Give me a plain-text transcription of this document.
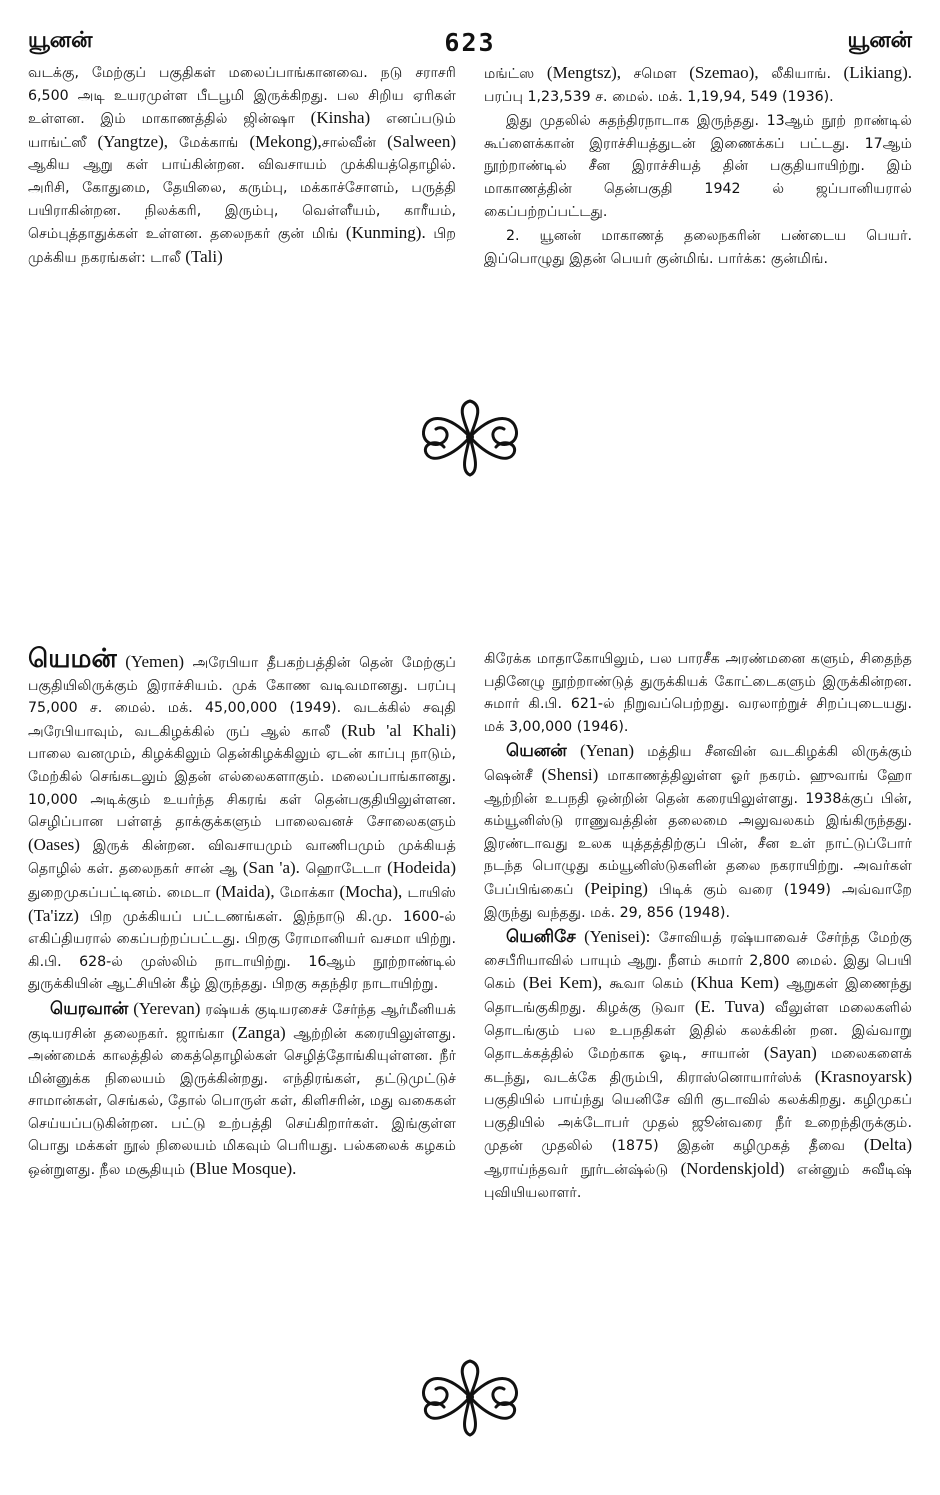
யூனன்	623	யூனன்

வடக்கு, மேற்குப் பகுதிகள் மலைப்பாங்கானவை. நடு சராசரி 6,500 அடி உயரமுள்ள பீடபூமி இருக்கிறது. பல சிறிய ஏரிகள் உள்ளன. இம் மாகாணத்தில் ஜின்ஷா (Kinsha) எனப்படும் யாங்ட்ஸீ (Yangtze), மேக்காங் (Mekong),சால்வீன் (Salween) ஆகிய ஆறு கள் பாய்கின்றன. விவசாயம் முக்கியத்தொழில். அரிசி, கோதுமை, தேயிலை, கரும்பு, மக்காச்சோளம், பருத்தி பயிராகின்றன. நிலக்கரி, இரும்பு, வெள்ளீயம், காரீயம், செம்புத்தாதுக்கள் உள்ளன. தலைநகர் குன் மிங் (Kunming). பிற முக்கிய நகரங்கள்: டாலீ (Tali)

மங்ட்ஸ (Mengtsz), சமௌ (Szemao), லீகியாங். (Likiang). பரப்பு 1,23,539 ச. மைல். மக். 1,19,94, 549 (1936).

இது முதலில் சுதந்திரநாடாக இருந்தது. 13ஆம் நூற் றாண்டில் கூப்ளைக்கான் இராச்சியத்துடன் இணைக்கப் பட்டது. 17ஆம் நூற்றாண்டில் சீன இராச்சியத் தின் பகுதியாயிற்று. இம் மாகாணத்தின் தென்பகுதி 1942 ல் ஜப்பானியரால் கைப்பற்றப்பட்டது.

2. யூனன் மாகாணத் தலைநகரின் பண்டைய பெயர். இப்பொழுது இதன் பெயர் குன்மிங். பார்க்க: குன்மிங்.

யெமன் (Yemen) அரேபியா தீபகற்பத்தின் தென் மேற்குப் பகுதியிலிருக்கும் இராச்சியம். முக் கோண வடிவமானது. பரப்பு 75,000 ச. மைல். மக். 45,00,000 (1949). வடக்கில் சவுதி அரேபியாவும், வடகிழக்கில் ருப் ஆல் காலீ (Rub 'al Khali) பாலை வனமும், கிழக்கிலும் தென்கிழக்கிலும் ஏடன் காப்பு நாடும், மேற்கில் செங்கடலும் இதன் எல்லைகளாகும். மலைப்பாங்கானது. 10,000 அடிக்கும் உயர்ந்த சிகரங் கள் தென்பகுதியிலுள்ளன. செழிப்பான பள்ளத் தாக்குக்களும் பாலைவனச் சோலைகளும் (Oases) இருக் கின்றன. விவசாயமும் வாணிபமும் முக்கியத் தொழில் கள். தலைநகர் சான் ஆ (San 'a). ஹொடேடா (Hodeida) துறைமுகப்பட்டினம். மைடா (Maida), மோக்கா (Mocha), டாயிஸ் (Ta'izz) பிற முக்கியப் பட்டணங்கள். இந்நாடு கி.மு. 1600-ல் எகிப்தியரால் கைப்பற்றப்பட்டது. பிறகு ரோமானியர் வசமா யிற்று. கி.பி. 628-ல் முஸ்லிம் நாடாயிற்று. 16ஆம் நூற்றாண்டில் துருக்கியின் ஆட்சியின் கீழ் இருந்தது. பிறகு சுதந்திர நாடாயிற்று.

யெரவான் (Yerevan) ரஷ்யக் குடியரசைச் சேர்ந்த ஆர்மீனியக் குடியரசின் தலைநகர். ஜாங்கா (Zanga) ஆற்றின் கரையிலுள்ளது. அண்மைக் காலத்தில் கைத்தொழில்கள் செழித்தோங்கியுள்ளன. நீர் மின்னுக்க நிலையம் இருக்கின்றது. எந்திரங்கள், தட்டுமுட்டுச் சாமான்கள், செங்கல், தோல் பொருள் கள், கிளிசரின், மது வகைகள் செய்யப்படுகின்றன. பட்டு உற்பத்தி செய்கிறார்கள். இங்குள்ள பொது மக்கள் நூல் நிலையம் மிகவும் பெரியது. பல்கலைக் கழகம் ஒன்றுளது. நீல மசூதியும் (Blue Mosque).

கிரேக்க மாதாகோயிலும், பல பாரசீக அரண்மனை களும், சிதைந்த பதினேழு நூற்றாண்டுத் துருக்கியக் கோட்டைகளும் இருக்கின்றன. சுமார் கி.பி. 621-ல் நிறுவப்பெற்றது. வரலாற்றுச் சிறப்புடையது. மக் 3,00,000 (1946).

யெனன் (Yenan) மத்திய சீனவின் வடகிழக்கி லிருக்கும் ஷென்சீ (Shensi) மாகாணத்திலுள்ள ஓர் நகரம். ஹுவாங் ஹோ ஆற்றின் உபநதி ஒன்றின் தென் கரையிலுள்ளது. 1938க்குப் பின், கம்யூனிஸ்டு ராணுவத்தின் தலைமை அலுவலகம் இங்கிருந்தது. இரண்டாவது உலக யுத்தத்திற்குப் பின், சீன உள் நாட்டுப்போர் நடந்த பொழுது கம்யூனிஸ்டுகளின் தலை நகராயிற்று. அவர்கள் பேப்பிங்கைப் (Peiping) பிடிக் கும் வரை (1949) அவ்வாறே இருந்து வந்தது. மக். 29, 856 (1948).

யெனிசே (Yenisei): சோவியத் ரஷ்யாவைச் சேர்ந்த மேற்கு சைபீரியாவில் பாயும் ஆறு. நீளம் சுமார் 2,800 மைல். இது பெயி கெம் (Bei Kem), கூவா கெம் (Khua Kem) ஆறுகள் இணைந்து தொடங்குகிறது. கிழக்கு டுவா (E. Tuva) வீலுள்ள மலைகளில் தொடங்கும் பல உபநதிகள் இதில் கலக்கின் றன. இவ்வாறு தொடக்கத்தில் மேற்காக ஓடி, சாயான் (Sayan) மலைகளைக் கடந்து, வடக்கே திரும்பி, கிராஸ்னொயார்ஸ்க் (Krasnoyarsk) பகுதியில் பாய்ந்து யெனிசே விரி குடாவில் கலக்கிறது. கழிமுகப் பகுதியில் அக்டோபர் முதல் ஜூன்வரை நீர் உறைந்திருக்கும். முதன் முதலில் (1875) இதன் கழிமுகத் தீவை (Delta) ஆராய்ந்தவர் நூர்டன்ஷ்ல்டு (Nordenskjold) என்னும் சுவீடிஷ் புவியியலாளர்.
